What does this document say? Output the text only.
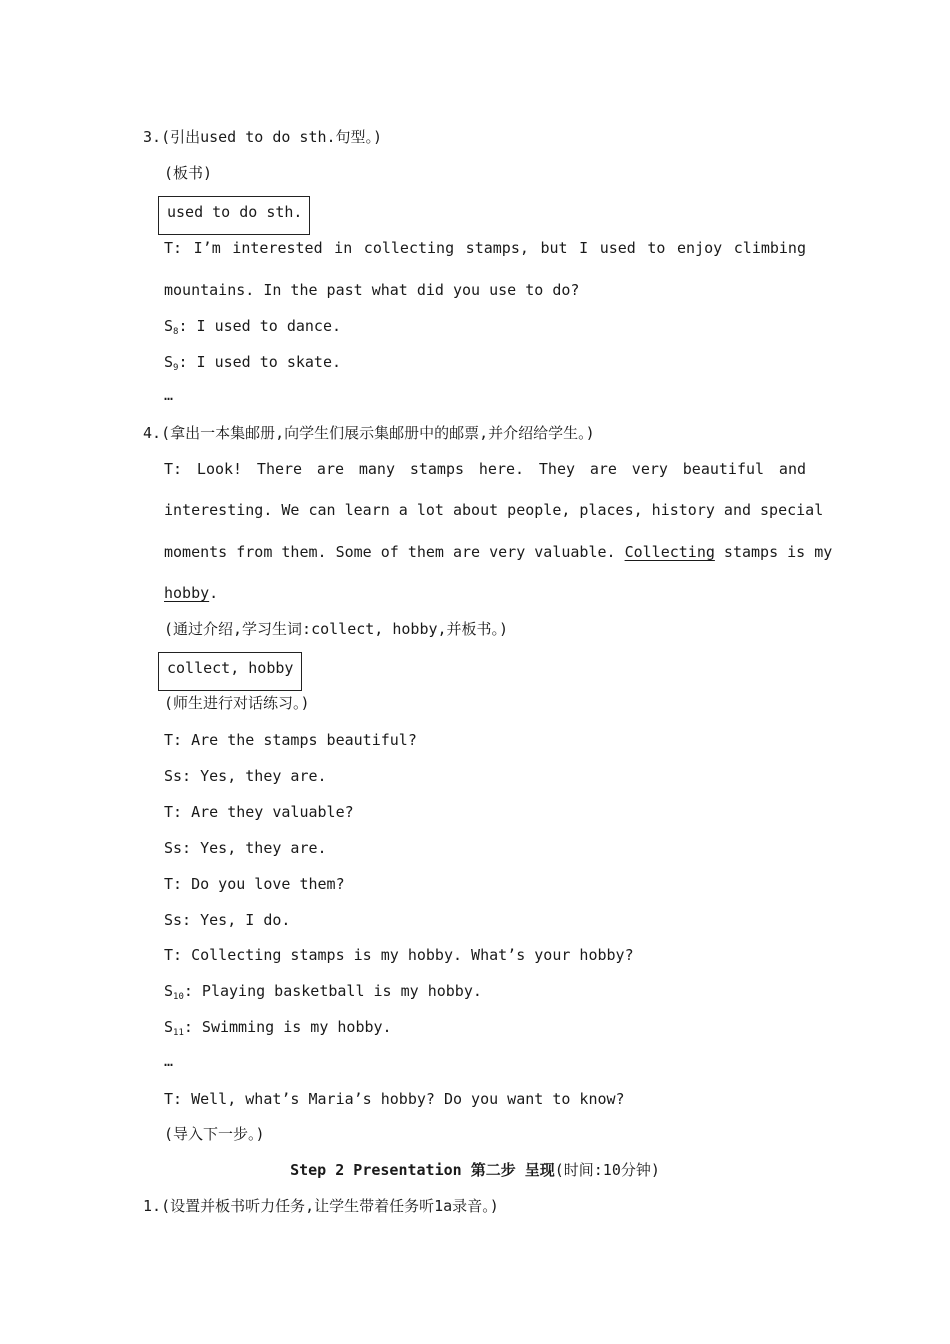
3.(引出used to do sth.句型。)
(板书)
used to do sth.
T: I’m interested in collecting stamps, but I used to enjoy climbing
mountains. In the past what did you use to do?
$S_8$: I used to dance.
$S_9$: I used to skate.
…
4.(拿出一本集邮册,向学生们展示集邮册中的邮票,并介绍给学生。)
T: Look! There are many stamps here. They are very beautiful and
interesting. We can learn a lot about people, places, history and special
moments from them. Some of them are very valuable. Collecting stamps is my
hobby.
(通过介绍,学习生词:collect, hobby,并板书。)
collect, hobby
(师生进行对话练习。)
T: Are the stamps beautiful?
Ss: Yes, they are.
T: Are they valuable?
Ss: Yes, they are.
T: Do you love them?
Ss: Yes, I do.
T: Collecting stamps is my hobby. What’s your hobby?
$S_{10}$: Playing basketball is my hobby.
$S_{11}$: Swimming is my hobby.
…
T: Well, what’s Maria’s hobby? Do you want to know?
(导入下一步。)
Step 2 Presentation 第二步 呈现(时间:10分钟)
1.(设置并板书听力任务,让学生带着任务听1a录音。)
